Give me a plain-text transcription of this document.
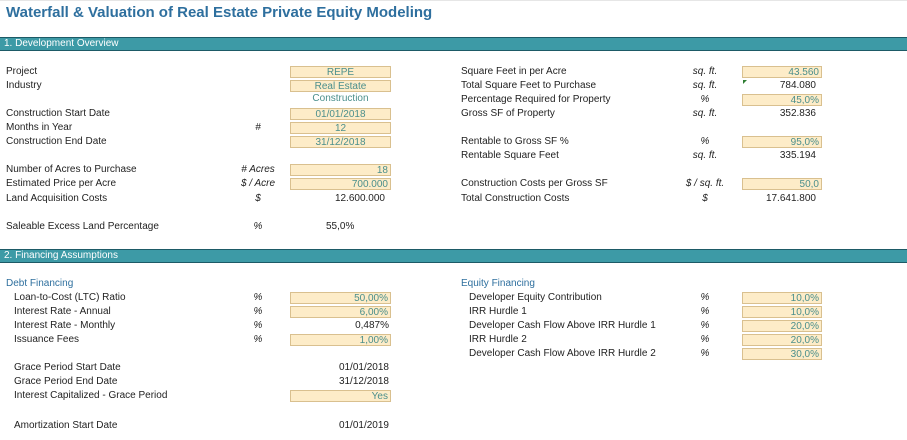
Waterfall & Valuation of Real Estate Private Equity Modeling
1. Development Overview
Project	REPE
Industry	Real Estate Construction
Construction Start Date	01/01/2018
Months in Year	#	12
Construction End Date	31/12/2018
Number of Acres to Purchase	# Acres	18
Estimated Price per Acre	$ / Acre	700.000
Land Acquisition Costs	$	12.600.000
Saleable Excess Land Percentage	%	55,0%
Square Feet in per Acre	sq. ft.	43.560
Total Square Feet to Purchase	sq. ft.	784.080
Percentage Required for Property	%	45,0%
Gross SF of Property	sq. ft.	352.836
Rentable to Gross SF %	%	95,0%
Rentable Square Feet	sq. ft.	335.194
Construction Costs per Gross SF	$ / sq. ft.	50,0
Total Construction Costs	$	17.641.800
2. Financing Assumptions
Debt Financing
Loan-to-Cost (LTC) Ratio	%	50,00%
Interest Rate - Annual	%	6,00%
Interest Rate - Monthly	%	0,487%
Issuance Fees	%	1,00%
Grace Period Start Date	01/01/2018
Grace Period End Date	31/12/2018
Interest Capitalized - Grace Period	Yes
Amortization Start Date	01/01/2019
Equity Financing
Developer Equity Contribution	%	10,0%
IRR Hurdle 1	%	10,0%
Developer Cash Flow Above IRR Hurdle 1	%	20,0%
IRR Hurdle 2	%	20,0%
Developer Cash Flow Above IRR Hurdle 2	%	30,0%
